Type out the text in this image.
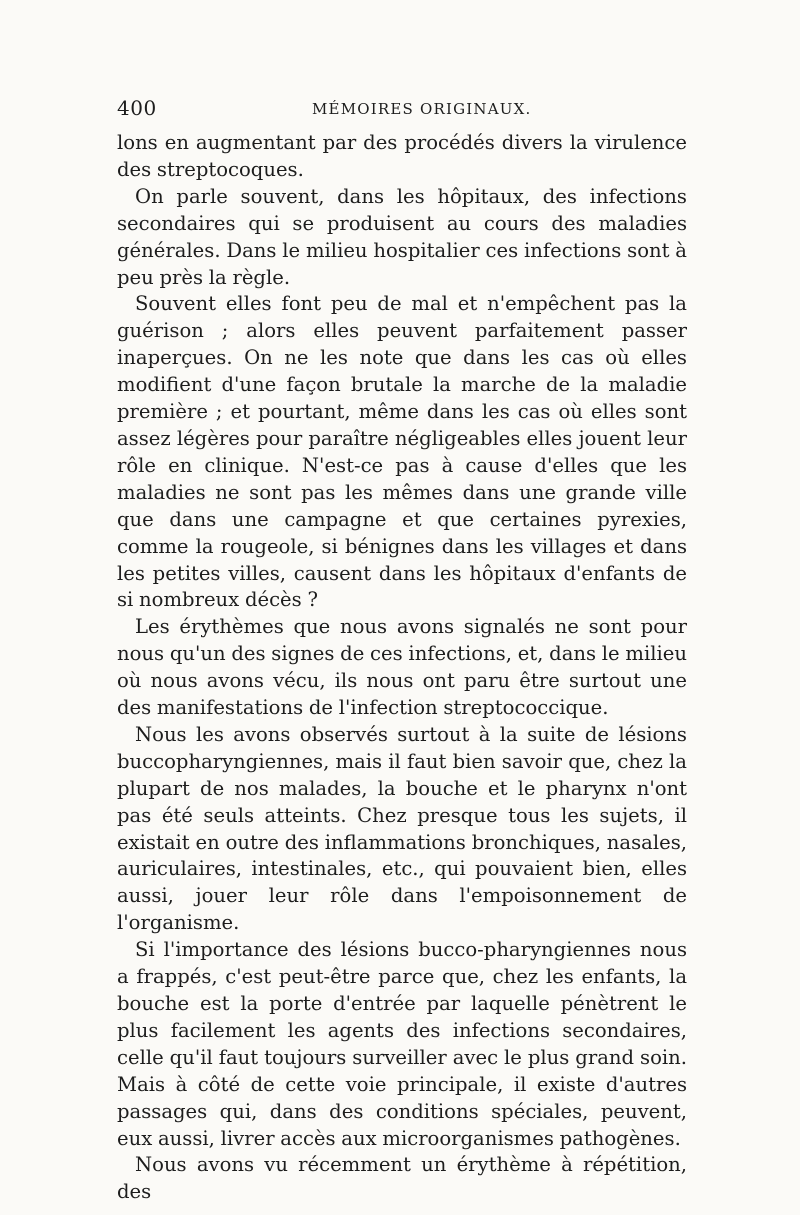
400	MÉMOIRES ORIGINAUX.

lons en augmentant par des procédés divers la virulence des streptocoques.

On parle souvent, dans les hôpitaux, des infections secondaires qui se produisent au cours des maladies générales. Dans le milieu hospitalier ces infections sont à peu près la règle.

Souvent elles font peu de mal et n'empêchent pas la guérison ; alors elles peuvent parfaitement passer inaperçues. On ne les note que dans les cas où elles modifient d'une façon brutale la marche de la maladie première ; et pourtant, même dans les cas où elles sont assez légères pour paraître négligeables elles jouent leur rôle en clinique. N'est-ce pas à cause d'elles que les maladies ne sont pas les mêmes dans une grande ville que dans une campagne et que certaines pyrexies, comme la rougeole, si bénignes dans les villages et dans les petites villes, causent dans les hôpitaux d'enfants de si nombreux décès ?

Les érythèmes que nous avons signalés ne sont pour nous qu'un des signes de ces infections, et, dans le milieu où nous avons vécu, ils nous ont paru être surtout une des manifestations de l'infection streptococcique.

Nous les avons observés surtout à la suite de lésions buccopharyngiennes, mais il faut bien savoir que, chez la plupart de nos malades, la bouche et le pharynx n'ont pas été seuls atteints. Chez presque tous les sujets, il existait en outre des inflammations bronchiques, nasales, auriculaires, intestinales, etc., qui pouvaient bien, elles aussi, jouer leur rôle dans l'empoisonnement de l'organisme.

Si l'importance des lésions bucco-pharyngiennes nous a frappés, c'est peut-être parce que, chez les enfants, la bouche est la porte d'entrée par laquelle pénètrent le plus facilement les agents des infections secondaires, celle qu'il faut toujours surveiller avec le plus grand soin. Mais à côté de cette voie principale, il existe d'autres passages qui, dans des conditions spéciales, peuvent, eux aussi, livrer accès aux microorganismes pathogènes.

Nous avons vu récemment un érythème à répétition, des
